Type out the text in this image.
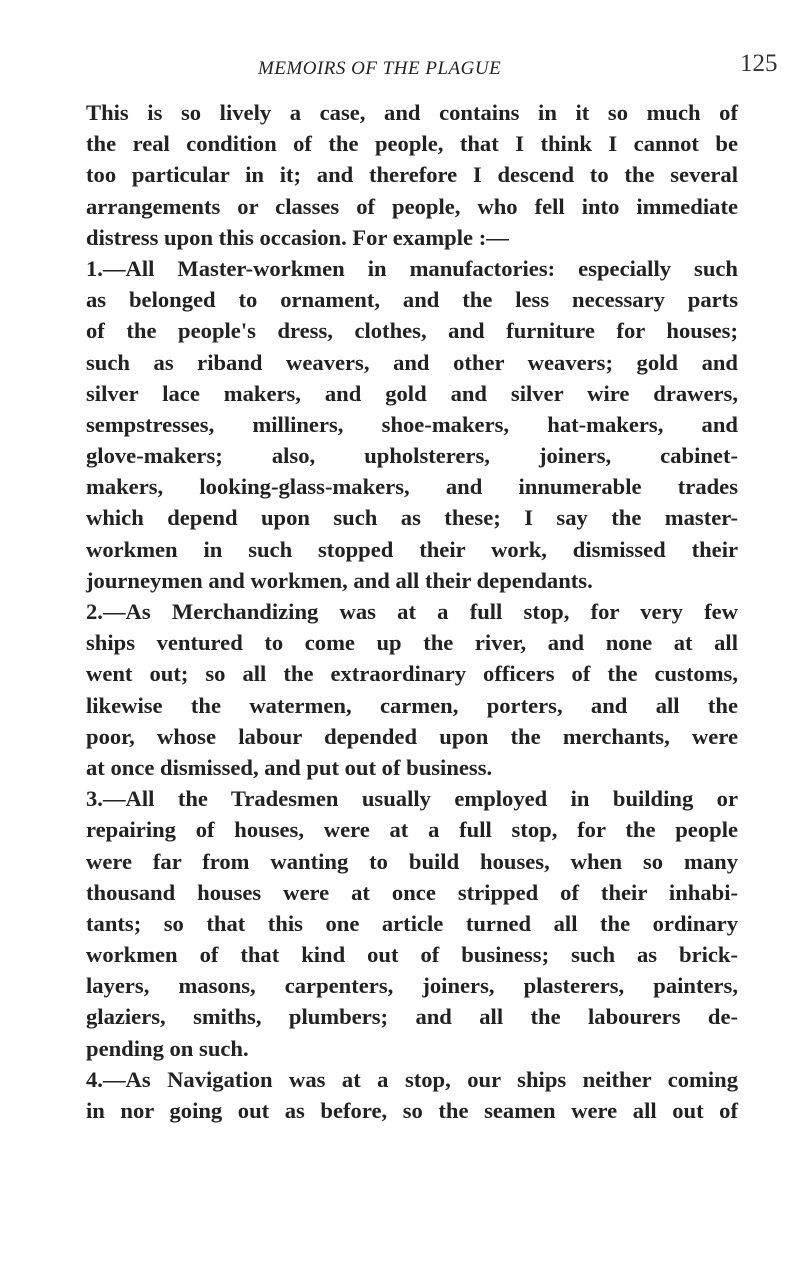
MEMOIRS OF THE PLAGUE	125
This is so lively a case, and contains in it so much of
the real condition of the people, that I think I cannot be
too particular in it; and therefore I descend to the several
arrangements or classes of people, who fell into immediate
distress upon this occasion. For example :—
1.—All Master-workmen in manufactories: especially such
as belonged to ornament, and the less necessary parts
of the people's dress, clothes, and furniture for houses;
such as riband weavers, and other weavers; gold and
silver lace makers, and gold and silver wire drawers,
sempstresses, milliners, shoe-makers, hat-makers, and
glove-makers; also, upholsterers, joiners, cabinet-
makers, looking-glass-makers, and innumerable trades
which depend upon such as these; I say the master-
workmen in such stopped their work, dismissed their
journeymen and workmen, and all their dependants.
2.—As Merchandizing was at a full stop, for very few
ships ventured to come up the river, and none at all
went out; so all the extraordinary officers of the customs,
likewise the watermen, carmen, porters, and all the
poor, whose labour depended upon the merchants, were
at once dismissed, and put out of business.
3.—All the Tradesmen usually employed in building or
repairing of houses, were at a full stop, for the people
were far from wanting to build houses, when so many
thousand houses were at once stripped of their inhabi-
tants; so that this one article turned all the ordinary
workmen of that kind out of business; such as brick-
layers, masons, carpenters, joiners, plasterers, painters,
glaziers, smiths, plumbers; and all the labourers de-
pending on such.
4.—As Navigation was at a stop, our ships neither coming
in nor going out as before, so the seamen were all out of
